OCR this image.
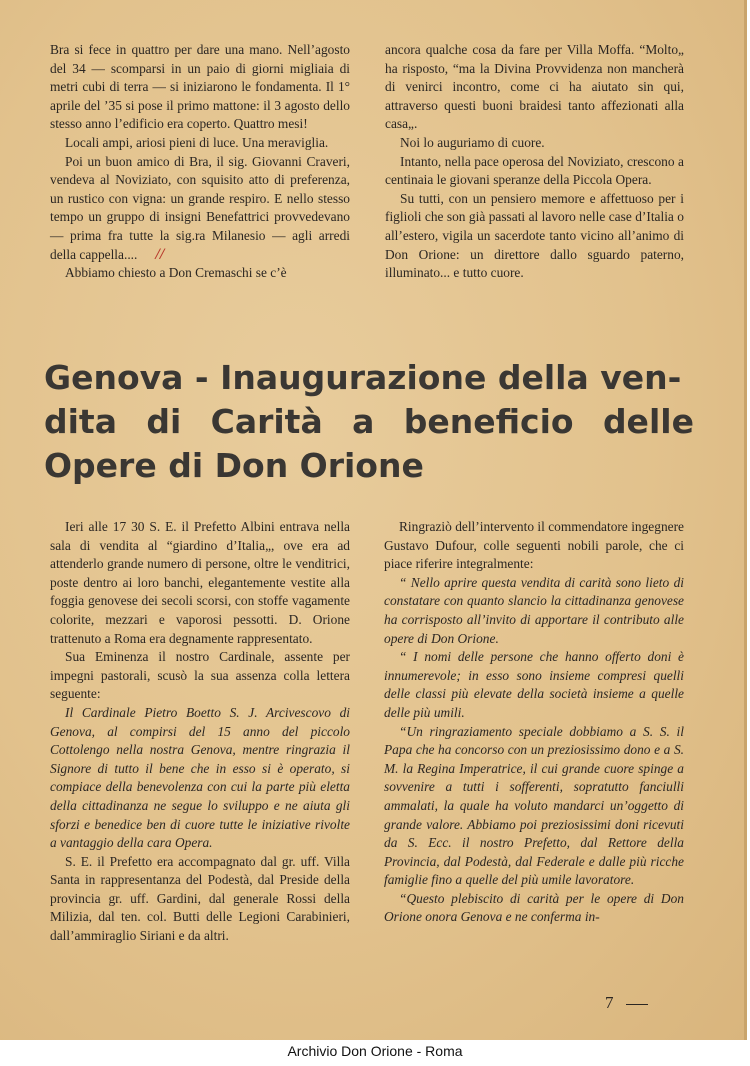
Bra si fece in quattro per dare una mano. Nell’agosto del 34 — scomparsi in un paio di giorni migliaia di metri cubi di terra — si iniziarono le fondamenta. Il 1° aprile del ’35 si pose il primo mattone: il 3 agosto dello stesso anno l’edificio era coperto. Quattro mesi!

Locali ampi, ariosi pieni di luce. Una meraviglia.

Poi un buon amico di Bra, il sig. Giovanni Craveri, vendeva al Noviziato, con squisito atto di preferenza, un rustico con vigna: un grande respiro. E nello stesso tempo un gruppo di insigni Benefattrici provvedevano — prima fra tutte la sig.ra Milanesio — agli arredi della cappella.... //

Abbiamo chiesto a Don Cremaschi se c’è

ancora qualche cosa da fare per Villa Moffa. “Molto„ ha risposto, “ma la Divina Provvidenza non mancherà di venirci incontro, come ci ha aiutato sin qui, attraverso questi buoni braidesi tanto affezionati alla casa„.

Noi lo auguriamo di cuore.

Intanto, nella pace operosa del Noviziato, crescono a centinaia le giovani speranze della Piccola Opera.

Su tutti, con un pensiero memore e affettuoso per i figlioli che son già passati al lavoro nelle case d’Italia o all’estero, vigila un sacerdote tanto vicino all’animo di Don Orione: un direttore dallo sguardo paterno, illuminato... e tutto cuore.

Genova - Inaugurazione della ven-
dita di Carità a beneficio delle
Opere di Don Orione

Ieri alle 17 30 S. E. il Prefetto Albini entrava nella sala di vendita al “giardino d’Italia„, ove era ad attenderlo grande numero di persone, oltre le venditrici, poste dentro ai loro banchi, elegantemente vestite alla foggia genovese dei secoli scorsi, con stoffe vagamente colorite, mezzari e vaporosi pessotti. D. Orione trattenuto a Roma era degnamente rappresentato.

Sua Eminenza il nostro Cardinale, assente per impegni pastorali, scusò la sua assenza colla lettera seguente:

Il Cardinale Pietro Boetto S. J. Arcivescovo di Genova, al compirsi del 15 anno del piccolo Cottolengo nella nostra Genova, mentre ringrazia il Signore di tutto il bene che in esso si è operato, si compiace della benevolenza con cui la parte più eletta della cittadinanza ne segue lo sviluppo e ne aiuta gli sforzi e benedice ben di cuore tutte le iniziative rivolte a vantaggio della cara Opera.

S. E. il Prefetto era accompagnato dal gr. uff. Villa Santa in rappresentanza del Podestà, dal Preside della provincia gr. uff. Gardini, dal generale Rossi della Milizia, dal ten. col. Butti delle Legioni Carabinieri, dall’ammiraglio Siriani e da altri.

Ringraziò dell’intervento il commendatore ingegnere Gustavo Dufour, colle seguenti nobili parole, che ci piace riferire integralmente:

“ Nello aprire questa vendita di carità sono lieto di constatare con quanto slancio la cittadinanza genovese ha corrisposto all’invito di apportare il contributo alle opere di Don Orione.

“ I nomi delle persone che hanno offerto doni è innumerevole; in esso sono insieme compresi quelli delle classi più elevate della società insieme a quelle delle più umili.

“Un ringraziamento speciale dobbiamo a S. S. il Papa che ha concorso con un preziosissimo dono e a S. M. la Regina Imperatrice, il cui grande cuore spinge a sovvenire a tutti i sofferenti, sopratutto fanciulli ammalati, la quale ha voluto mandarci un’oggetto di grande valore. Abbiamo poi preziosissimi doni ricevuti da S. Ecc. il nostro Prefetto, dal Rettore della Provincia, dal Podestà, dal Federale e dalle più ricche famiglie fino a quelle del più umile lavoratore.

“Questo plebiscito di carità per le opere di Don Orione onora Genova e ne conferma in-

7
Archivio Don Orione - Roma
